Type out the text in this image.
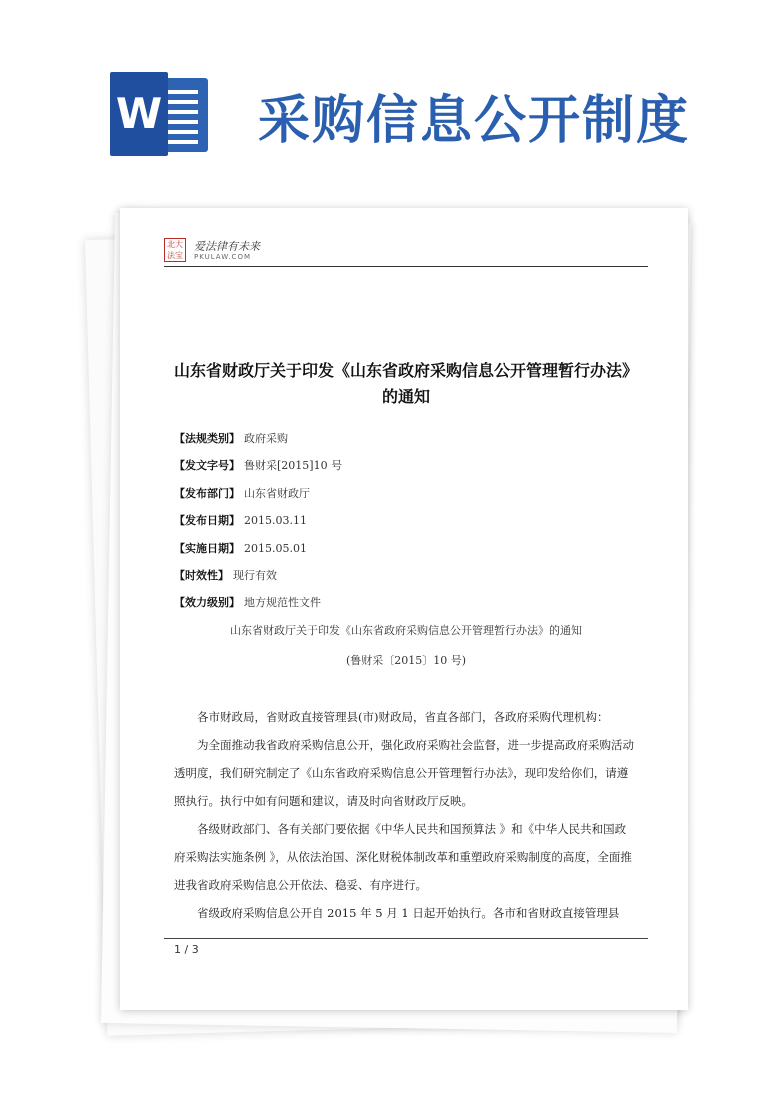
W 采购信息公开制度
北大
法宝
爱法律有未来
PKULAW.COM
山东省财政厅关于印发《山东省政府采购信息公开管理暂行办法》的通知
【法规类别】 政府采购
【发文字号】 鲁财采[2015]10 号
【发布部门】 山东省财政厅
【发布日期】 2015.03.11
【实施日期】 2015.05.01
【时效性】 现行有效
【效力级别】 地方规范性文件
山东省财政厅关于印发《山东省政府采购信息公开管理暂行办法》的通知
(鲁财采〔2015〕10 号)

各市财政局，省财政直接管理县(市)财政局，省直各部门，各政府采购代理机构：

为全面推动我省政府采购信息公开，强化政府采购社会监督，进一步提高政府采购活动透明度，我们研究制定了《山东省政府采购信息公开管理暂行办法》，现印发给你们，请遵照执行。执行中如有问题和建议，请及时向省财政厅反映。

各级财政部门、各有关部门要依据《中华人民共和国预算法 》和《中华人民共和国政府采购法实施条例 》，从依法治国、深化财税体制改革和重塑政府采购制度的高度，全面推进我省政府采购信息公开依法、稳妥、有序进行。

省级政府采购信息公开自 2015 年 5 月 1 日起开始执行。各市和省财政直接管理县

1 / 3
